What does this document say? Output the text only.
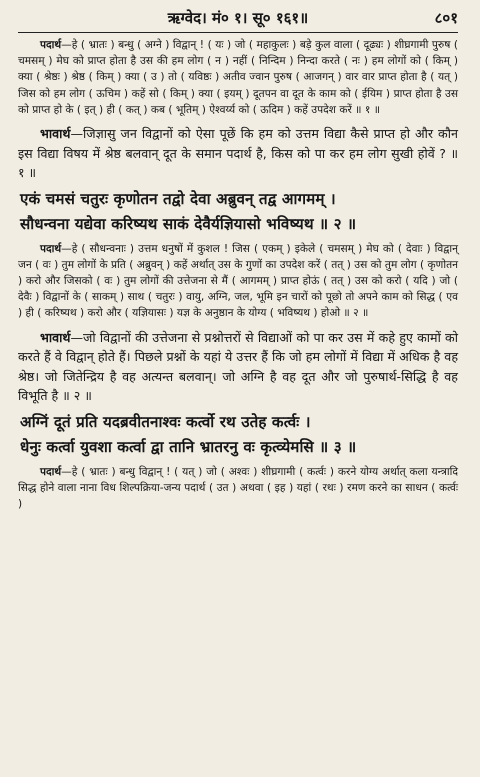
ऋग्वेद। मं० १। सू० १६१॥	८०१

पदार्थ—हे ( भ्रातः ) बन्धु ( अग्ने ) विद्वान् ! ( यः ) जो ( महाकुलः ) बड़े कुल वाला ( दूढ्यः ) शीघ्रगामी पुरुष ( चमसम् ) मेघ को प्राप्त होता है उस की हम लोग ( न ) नहीं ( निन्दिम ) निन्दा करते ( नः ) हम लोगों को ( किम् ) क्या ( श्रेष्ठः ) श्रेष्ठ ( किम् ) क्या ( उ ) तो ( यविष्ठः ) अतीव ज्वान पुरुष ( आजगन् ) वार वार प्राप्त होता है ( यत् ) जिस को हम लोग ( ऊचिम ) कहें सो ( किम् ) क्या ( इयम् ) दूतपन वा दूत के काम को ( ईयिम ) प्राप्त होता है उस को प्राप्त हो के ( इत् ) ही ( कत् ) कब ( भूतिम् ) ऐश्वर्य्य को ( ऊदिम ) कहें उपदेश करें ॥ १ ॥

भावार्थ—जिज्ञासु जन विद्वानों को ऐसा पूछें कि हम को उत्तम विद्या कैसे प्राप्त हो और कौन इस विद्या विषय में श्रेष्ठ बलवान् दूत के समान पदार्थ है, किस को पा कर हम लोग सुखी होवें ? ॥ १ ॥

एकं चमसं चतुरः कृणोतन तद्वो देवा अब्रुवन् तद्व आगमम् ।
सौधन्वना यद्येवा करिष्यथ साकं देवैर्यज्ञियासो भविष्यथ ॥ २ ॥

पदार्थ—हे ( सौधन्वनाः ) उत्तम धनुषों में कुशल ! जिस ( एकम् ) इकेले ( चमसम् ) मेघ को ( देवाः ) विद्वान् जन ( वः ) तुम लोगों के प्रति ( अब्रुवन् ) कहें अर्थात् उस के गुणों का उपदेश करें ( तत् ) उस को तुम लोग ( कृणोतन ) करो और जिसको ( वः ) तुम लोगों की उत्तेजना से मैं ( आगमम् ) प्राप्त होऊं ( तत् ) उस को करो ( यदि ) जो ( देवैः ) विद्वानों के ( साकम् ) साथ ( चतुरः ) वायु, अग्नि, जल, भूमि इन चारों को पूछो तो अपने काम को सिद्ध ( एव ) ही ( करिष्यथ ) करो और ( यज्ञियासः ) यज्ञ के अनुष्ठान के योग्य ( भविष्यथ ) होओ ॥ २ ॥

भावार्थ—जो विद्वानों की उत्तेजना से प्रश्नोत्तरों से विद्याओं को पा कर उस में कहे हुए कामों को करते हैं वे विद्वान् होते हैं। पिछले प्रश्नों के यहां ये उत्तर हैं कि जो हम लोगों में विद्या में अधिक है वह श्रेष्ठ। जो जितेन्द्रिय है वह अत्यन्त बलवान्। जो अग्नि है वह दूत और जो पुरुषार्थ-सिद्धि है वह विभूति है ॥ २ ॥

अग्निं दूतं प्रति यदब्रवीतनाश्वः कर्त्वो रथ उतेह कर्त्वः ।
धेनुः कर्त्वा युवशा कर्त्वा द्वा तानि भ्रातरनु वः कृत्व्येमसि ॥ ३ ॥

पदार्थ—हे ( भ्रातः ) बन्धु विद्वान् ! ( यत् ) जो ( अश्वः ) शीघ्रगामी ( कर्त्वः ) करने योग्य अर्थात् कला यन्त्रादि सिद्ध होने वाला नाना विध शिल्पक्रिया-जन्य पदार्थ ( उत ) अथवा ( इह ) यहां ( रथः ) रमण करने का साधन ( कर्त्वः )
